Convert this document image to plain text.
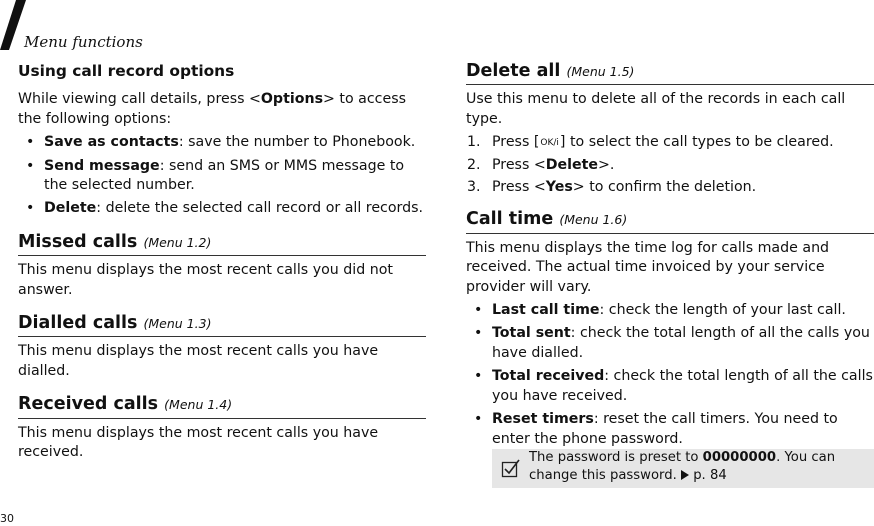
Menu functions
Using call record options

While viewing call details, press <Options> to access the following options:

• Save as contacts: save the number to Phonebook.
• Send message: send an SMS or MMS message to the selected number.
• Delete: delete the selected call record or all records.
Missed calls (Menu 1.2)

This menu displays the most recent calls you did not answer.

Dialled calls (Menu 1.3)

This menu displays the most recent calls you have dialled.

Received calls (Menu 1.4)

This menu displays the most recent calls you have received.

Delete all (Menu 1.5)

Use this menu to delete all of the records in each call type.

1. Press [OK/i] to select the call types to be cleared.
2. Press <Delete>.
3. Press <Yes> to confirm the deletion.
Call time (Menu 1.6)

This menu displays the time log for calls made and received. The actual time invoiced by your service provider will vary.

• Last call time: check the length of your last call.
• Total sent: check the total length of all the calls you have dialled.
• Total received: check the total length of all the calls you have received.
• Reset timers: reset the call timers. You need to enter the phone password.
The password is preset to 00000000. You can change this password.  p. 84
30
